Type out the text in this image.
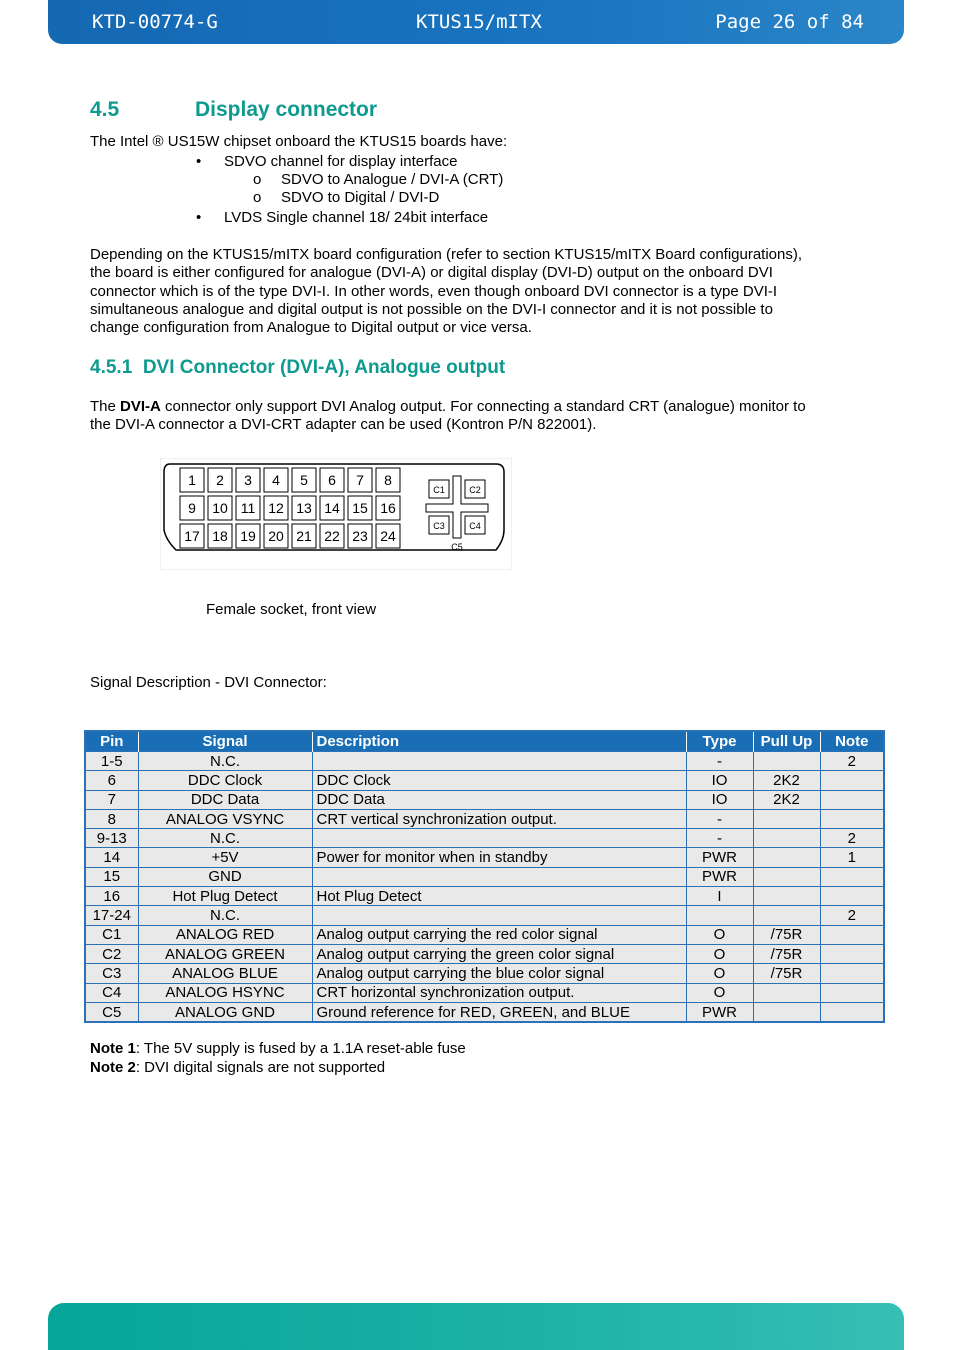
KTD-00774-G	KTUS15/mITX	Page 26 of 84
4.5	Display connector
The Intel ® US15W chipset onboard the KTUS15 boards have:
• SDVO channel for display interface
o SDVO to Analogue / DVI-A (CRT)
o SDVO to Digital / DVI-D
• LVDS Single channel 18/ 24bit interface
Depending on the KTUS15/mITX board configuration (refer to section KTUS15/mITX Board configurations),
the board is either configured for analogue (DVI-A) or digital display (DVI-D) output on the onboard DVI
connector which is of the type DVI-I. In other words, even though onboard DVI connector is a type DVI-I
simultaneous analogue and digital output is not possible on the DVI-I connector and it is not possible to
change configuration from Analogue to Digital output or vice versa.
4.5.1 DVI Connector (DVI-A), Analogue output
The DVI-A connector only support DVI Analog output. For connecting a standard CRT (analogue) monitor to
the DVI-A connector a DVI-CRT adapter can be used (Kontron P/N 822001).
1 2 3 4 5 6 7 8
9 10 11 12 13 14 15 16
17 18 19 20 21 22 23 24
C1	C2
C3	C4
C5
Female socket, front view
Signal Description - DVI Connector:
Pin	Signal	Description	Type	Pull Up	Note
1-5	N.C.		-		2
6	DDC Clock	DDC Clock	IO	2K2	
7	DDC Data	DDC Data	IO	2K2	
8	ANALOG VSYNC	CRT vertical synchronization output.	-		
9-13	N.C.		-		2
14	+5V	Power for monitor when in standby	PWR		1
15	GND		PWR		
16	Hot Plug Detect	Hot Plug Detect	I		
17-24	N.C.				2
C1	ANALOG RED	Analog output carrying the red color signal	O	/75R	
C2	ANALOG GREEN	Analog output carrying the green color signal	O	/75R	
C3	ANALOG BLUE	Analog output carrying the blue color signal	O	/75R	
C4	ANALOG HSYNC	CRT horizontal synchronization output.	O		
C5	ANALOG GND	Ground reference for RED, GREEN, and BLUE	PWR		
Note 1: The 5V supply is fused by a 1.1A reset-able fuse
Note 2: DVI digital signals are not supported
